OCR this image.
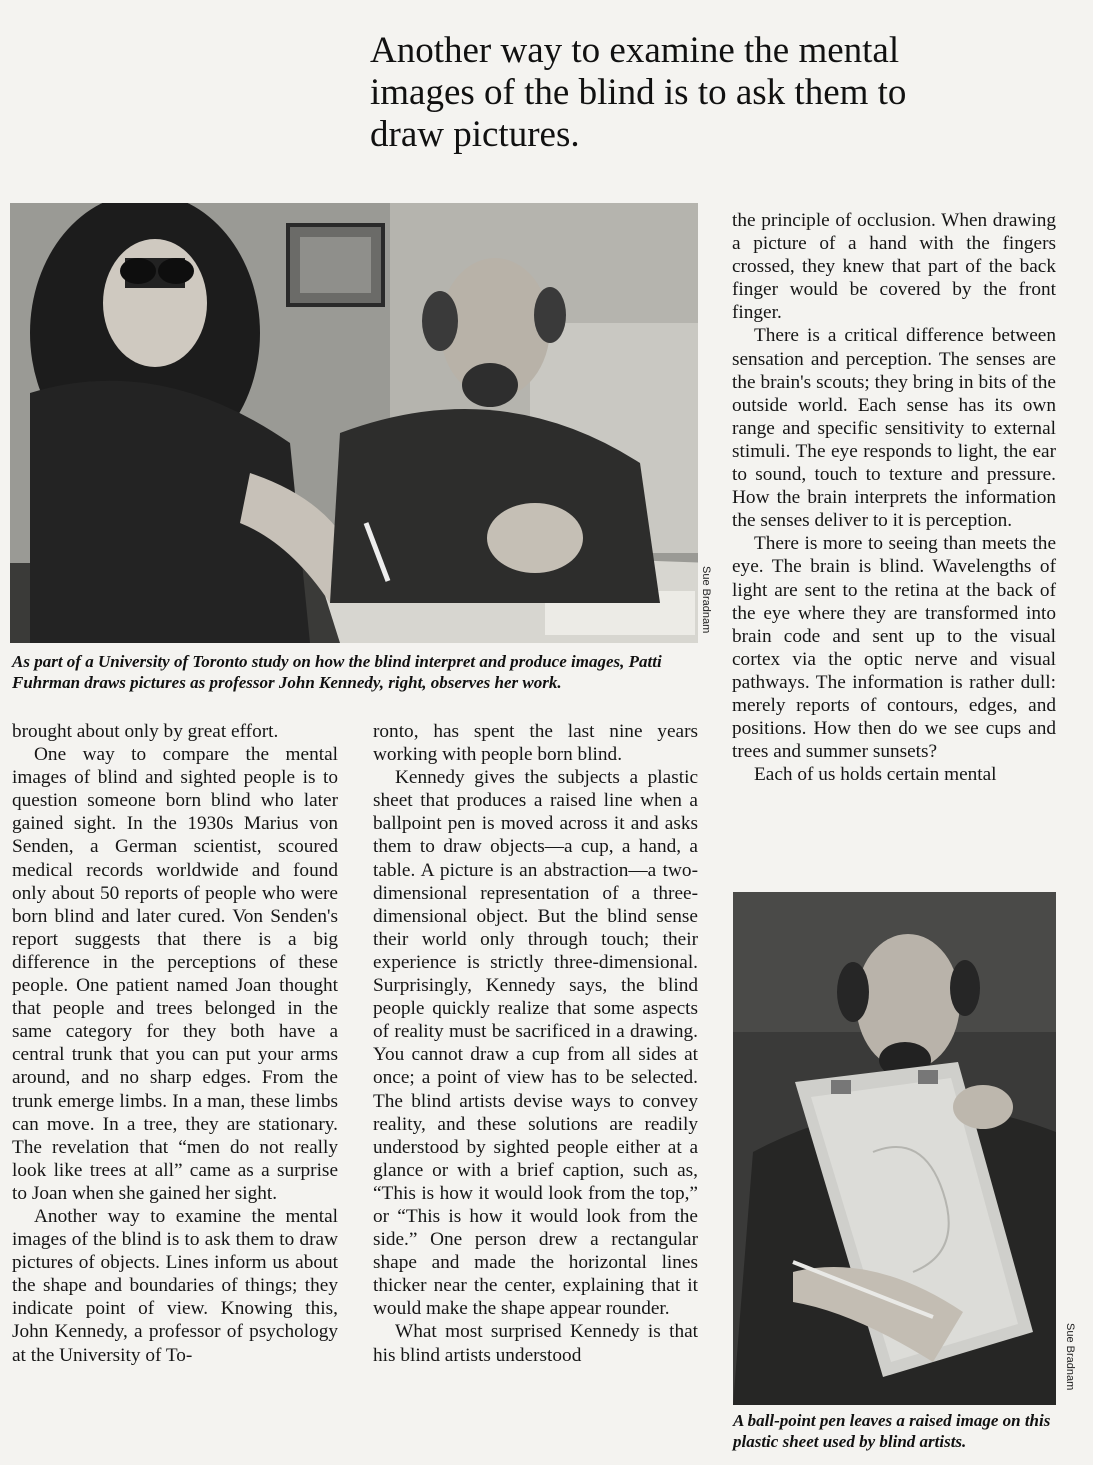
Another way to examine the mental images of the blind is to ask them to draw pictures.
Sue Bradnam

As part of a University of Toronto study on how the blind interpret and produce images, Patti Fuhrman draws pictures as professor John Kennedy, right, observes her work.

brought about only by great effort.

One way to compare the mental images of blind and sighted people is to question someone born blind who later gained sight. In the 1930s Marius von Senden, a German scientist, scoured medical records worldwide and found only about 50 reports of people who were born blind and later cured. Von Senden's report suggests that there is a big difference in the perceptions of these people. One patient named Joan thought that people and trees belonged in the same category for they both have a central trunk that you can put your arms around, and no sharp edges. From the trunk emerge limbs. In a man, these limbs can move. In a tree, they are stationary. The revelation that “men do not really look like trees at all” came as a surprise to Joan when she gained her sight.

Another way to examine the mental images of the blind is to ask them to draw pictures of objects. Lines inform us about the shape and boundaries of things; they indicate point of view. Knowing this, John Kennedy, a professor of psychology at the University of To-

ronto, has spent the last nine years working with people born blind.

Kennedy gives the subjects a plastic sheet that produces a raised line when a ballpoint pen is moved across it and asks them to draw objects—a cup, a hand, a table. A picture is an abstraction—a two-dimensional representation of a three-dimensional object. But the blind sense their world only through touch; their experience is strictly three-dimensional. Surprisingly, Kennedy says, the blind people quickly realize that some aspects of reality must be sacrificed in a drawing. You cannot draw a cup from all sides at once; a point of view has to be selected. The blind artists devise ways to convey reality, and these solutions are readily understood by sighted people either at a glance or with a brief caption, such as, “This is how it would look from the top,” or “This is how it would look from the side.” One person drew a rectangular shape and made the horizontal lines thicker near the center, explaining that it would make the shape appear rounder.

What most surprised Kennedy is that his blind artists understood

the principle of occlusion. When drawing a picture of a hand with the fingers crossed, they knew that part of the back finger would be covered by the front finger.

There is a critical difference between sensation and perception. The senses are the brain's scouts; they bring in bits of the outside world. Each sense has its own range and specific sensitivity to external stimuli. The eye responds to light, the ear to sound, touch to texture and pressure. How the brain interprets the information the senses deliver to it is perception.

There is more to seeing than meets the eye. The brain is blind. Wavelengths of light are sent to the retina at the back of the eye where they are transformed into brain code and sent up to the visual cortex via the optic nerve and visual pathways. The information is rather dull: merely reports of contours, edges, and positions. How then do we see cups and trees and summer sunsets?

Each of us holds certain mental

Sue Bradnam

A ball-point pen leaves a raised image on this plastic sheet used by blind artists.
